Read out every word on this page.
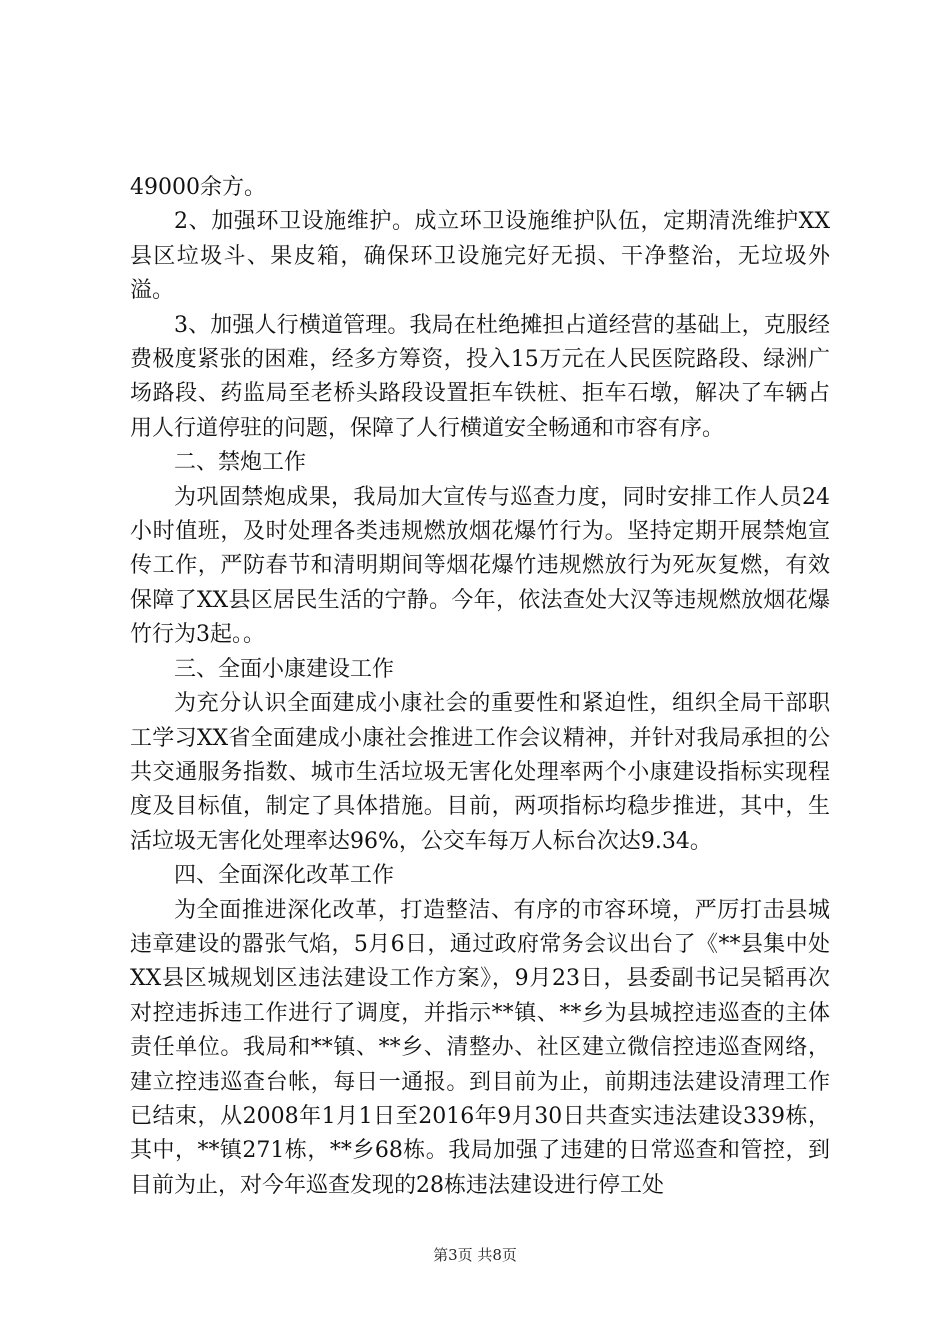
49000余方。

2、加强环卫设施维护。成立环卫设施维护队伍，定期清洗维护XX县区垃圾斗、果皮箱，确保环卫设施完好无损、干净整治，无垃圾外溢。

3、加强人行横道管理。我局在杜绝摊担占道经营的基础上，克服经费极度紧张的困难，经多方筹资，投入15万元在人民医院路段、绿洲广场路段、药监局至老桥头路段设置拒车铁桩、拒车石墩，解决了车辆占用人行道停驻的问题，保障了人行横道安全畅通和市容有序。

二、禁炮工作

为巩固禁炮成果，我局加大宣传与巡查力度，同时安排工作人员24小时值班，及时处理各类违规燃放烟花爆竹行为。坚持定期开展禁炮宣传工作，严防春节和清明期间等烟花爆竹违规燃放行为死灰复燃，有效保障了XX县区居民生活的宁静。今年，依法查处大汉等违规燃放烟花爆竹行为3起。。

三、全面小康建设工作

为充分认识全面建成小康社会的重要性和紧迫性，组织全局干部职工学习XX省全面建成小康社会推进工作会议精神，并针对我局承担的公共交通服务指数、城市生活垃圾无害化处理率两个小康建设指标实现程度及目标值，制定了具体措施。目前，两项指标均稳步推进，其中，生活垃圾无害化处理率达96%，公交车每万人标台次达9.34。

四、全面深化改革工作

为全面推进深化改革，打造整洁、有序的市容环境，严厉打击县城违章建设的嚣张气焰，5月6日，通过政府常务会议出台了《**县集中处XX县区城规划区违法建设工作方案》，9月23日，县委副书记吴韬再次对控违拆违工作进行了调度，并指示**镇、**乡为县城控违巡查的主体责任单位。我局和**镇、**乡、清整办、社区建立微信控违巡查网络，建立控违巡查台帐，每日一通报。到目前为止，前期违法建设清理工作已结束，从2008年1月1日至2016年9月30日共查实违法建设339栋，其中，**镇271栋，**乡68栋。我局加强了违建的日常巡查和管控，到目前为止，对今年巡查发现的28栋违法建设进行停工处

第3页 共8页
